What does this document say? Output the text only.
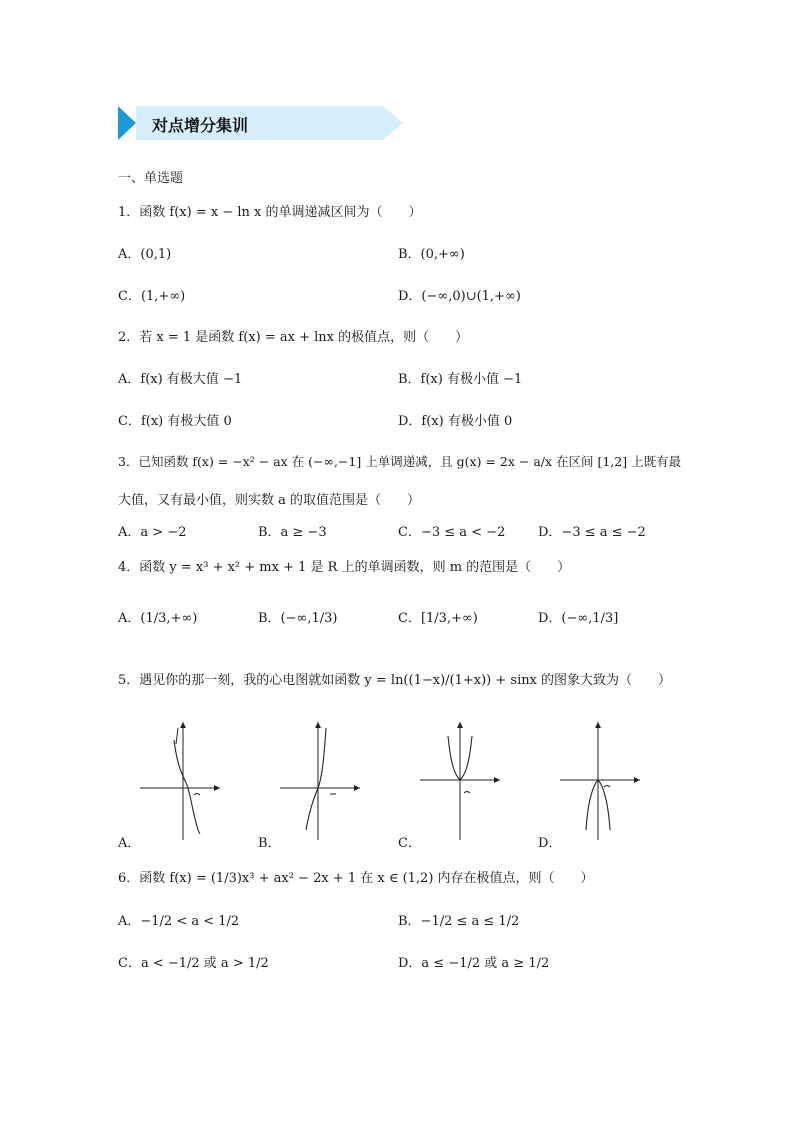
对点增分集训
一、单选题
1．函数 f(x) = x − ln x 的单调递减区间为（　　）
A．(0,1)	B．(0,+∞)
C．(1,+∞)	D．(−∞,0)∪(1,+∞)
2．若 x = 1 是函数 f(x) = ax + lnx 的极值点，则（　　）
A．f(x) 有极大值 −1	B．f(x) 有极小值 −1
C．f(x) 有极大值 0	D．f(x) 有极小值 0
3．已知函数 f(x) = −x² − ax 在 (−∞,−1] 上单调递减，且 g(x) = 2x − a/x 在区间 [1,2] 上既有最
大值，又有最小值，则实数 a 的取值范围是（　　）
A．a > −2	B．a ≥ −3	C．−3 ≤ a < −2	D．−3 ≤ a ≤ −2
4．函数 y = x³ + x² + mx + 1 是 R 上的单调函数，则 m 的范围是（　　）
A．(1/3,+∞)	B．(−∞,1/3)	C．[1/3,+∞)	D．(−∞,1/3]
5．遇见你的那一刻，我的心电图就如函数 y = ln((1−x)/(1+x)) + sinx 的图象大致为（　　）
A．	B．	C．	D．
6．函数 f(x) = (1/3)x³ + ax² − 2x + 1 在 x ∈ (1,2) 内存在极值点，则（　　）
A．−1/2 < a < 1/2	B．−1/2 ≤ a ≤ 1/2
C．a < −1/2 或 a > 1/2	D．a ≤ −1/2 或 a ≥ 1/2
